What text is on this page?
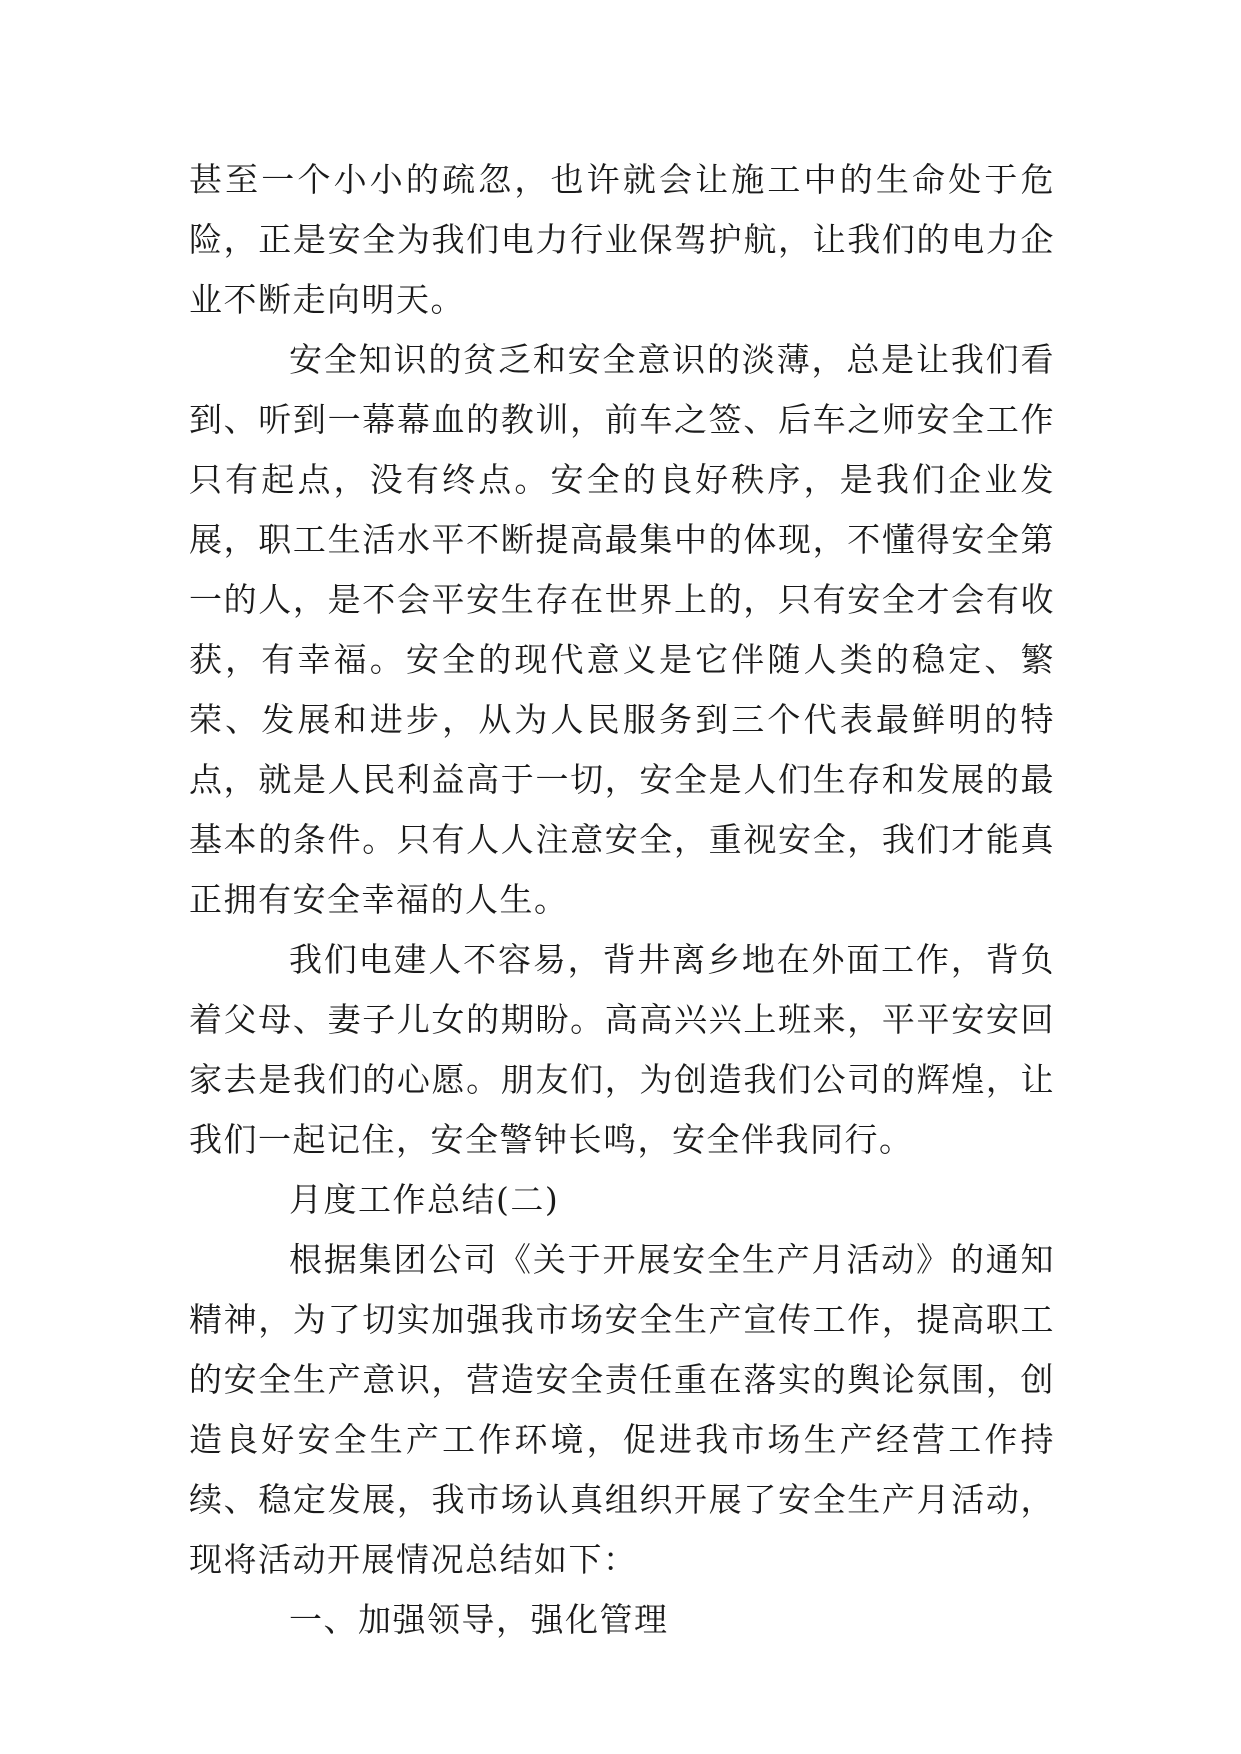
甚至一个小小的疏忽，也许就会让施工中的生命处于危险，正是安全为我们电力行业保驾护航，让我们的电力企业不断走向明天。

安全知识的贫乏和安全意识的淡薄，总是让我们看到、听到一幕幕血的教训，前车之签、后车之师安全工作只有起点，没有终点。安全的良好秩序，是我们企业发展，职工生活水平不断提高最集中的体现，不懂得安全第一的人，是不会平安生存在世界上的，只有安全才会有收获，有幸福。安全的现代意义是它伴随人类的稳定、繁荣、发展和进步，从为人民服务到三个代表最鲜明的特点，就是人民利益高于一切，安全是人们生存和发展的最基本的条件。只有人人注意安全，重视安全，我们才能真正拥有安全幸福的人生。

我们电建人不容易，背井离乡地在外面工作，背负着父母、妻子儿女的期盼。高高兴兴上班来，平平安安回家去是我们的心愿。朋友们，为创造我们公司的辉煌，让我们一起记住，安全警钟长鸣，安全伴我同行。

月度工作总结(二)

根据集团公司《关于开展安全生产月活动》的通知精神，为了切实加强我市场安全生产宣传工作，提高职工的安全生产意识，营造安全责任重在落实的舆论氛围，创造良好安全生产工作环境，促进我市场生产经营工作持续、稳定发展，我市场认真组织开展了安全生产月活动，现将活动开展情况总结如下：

一、加强领导，强化管理
